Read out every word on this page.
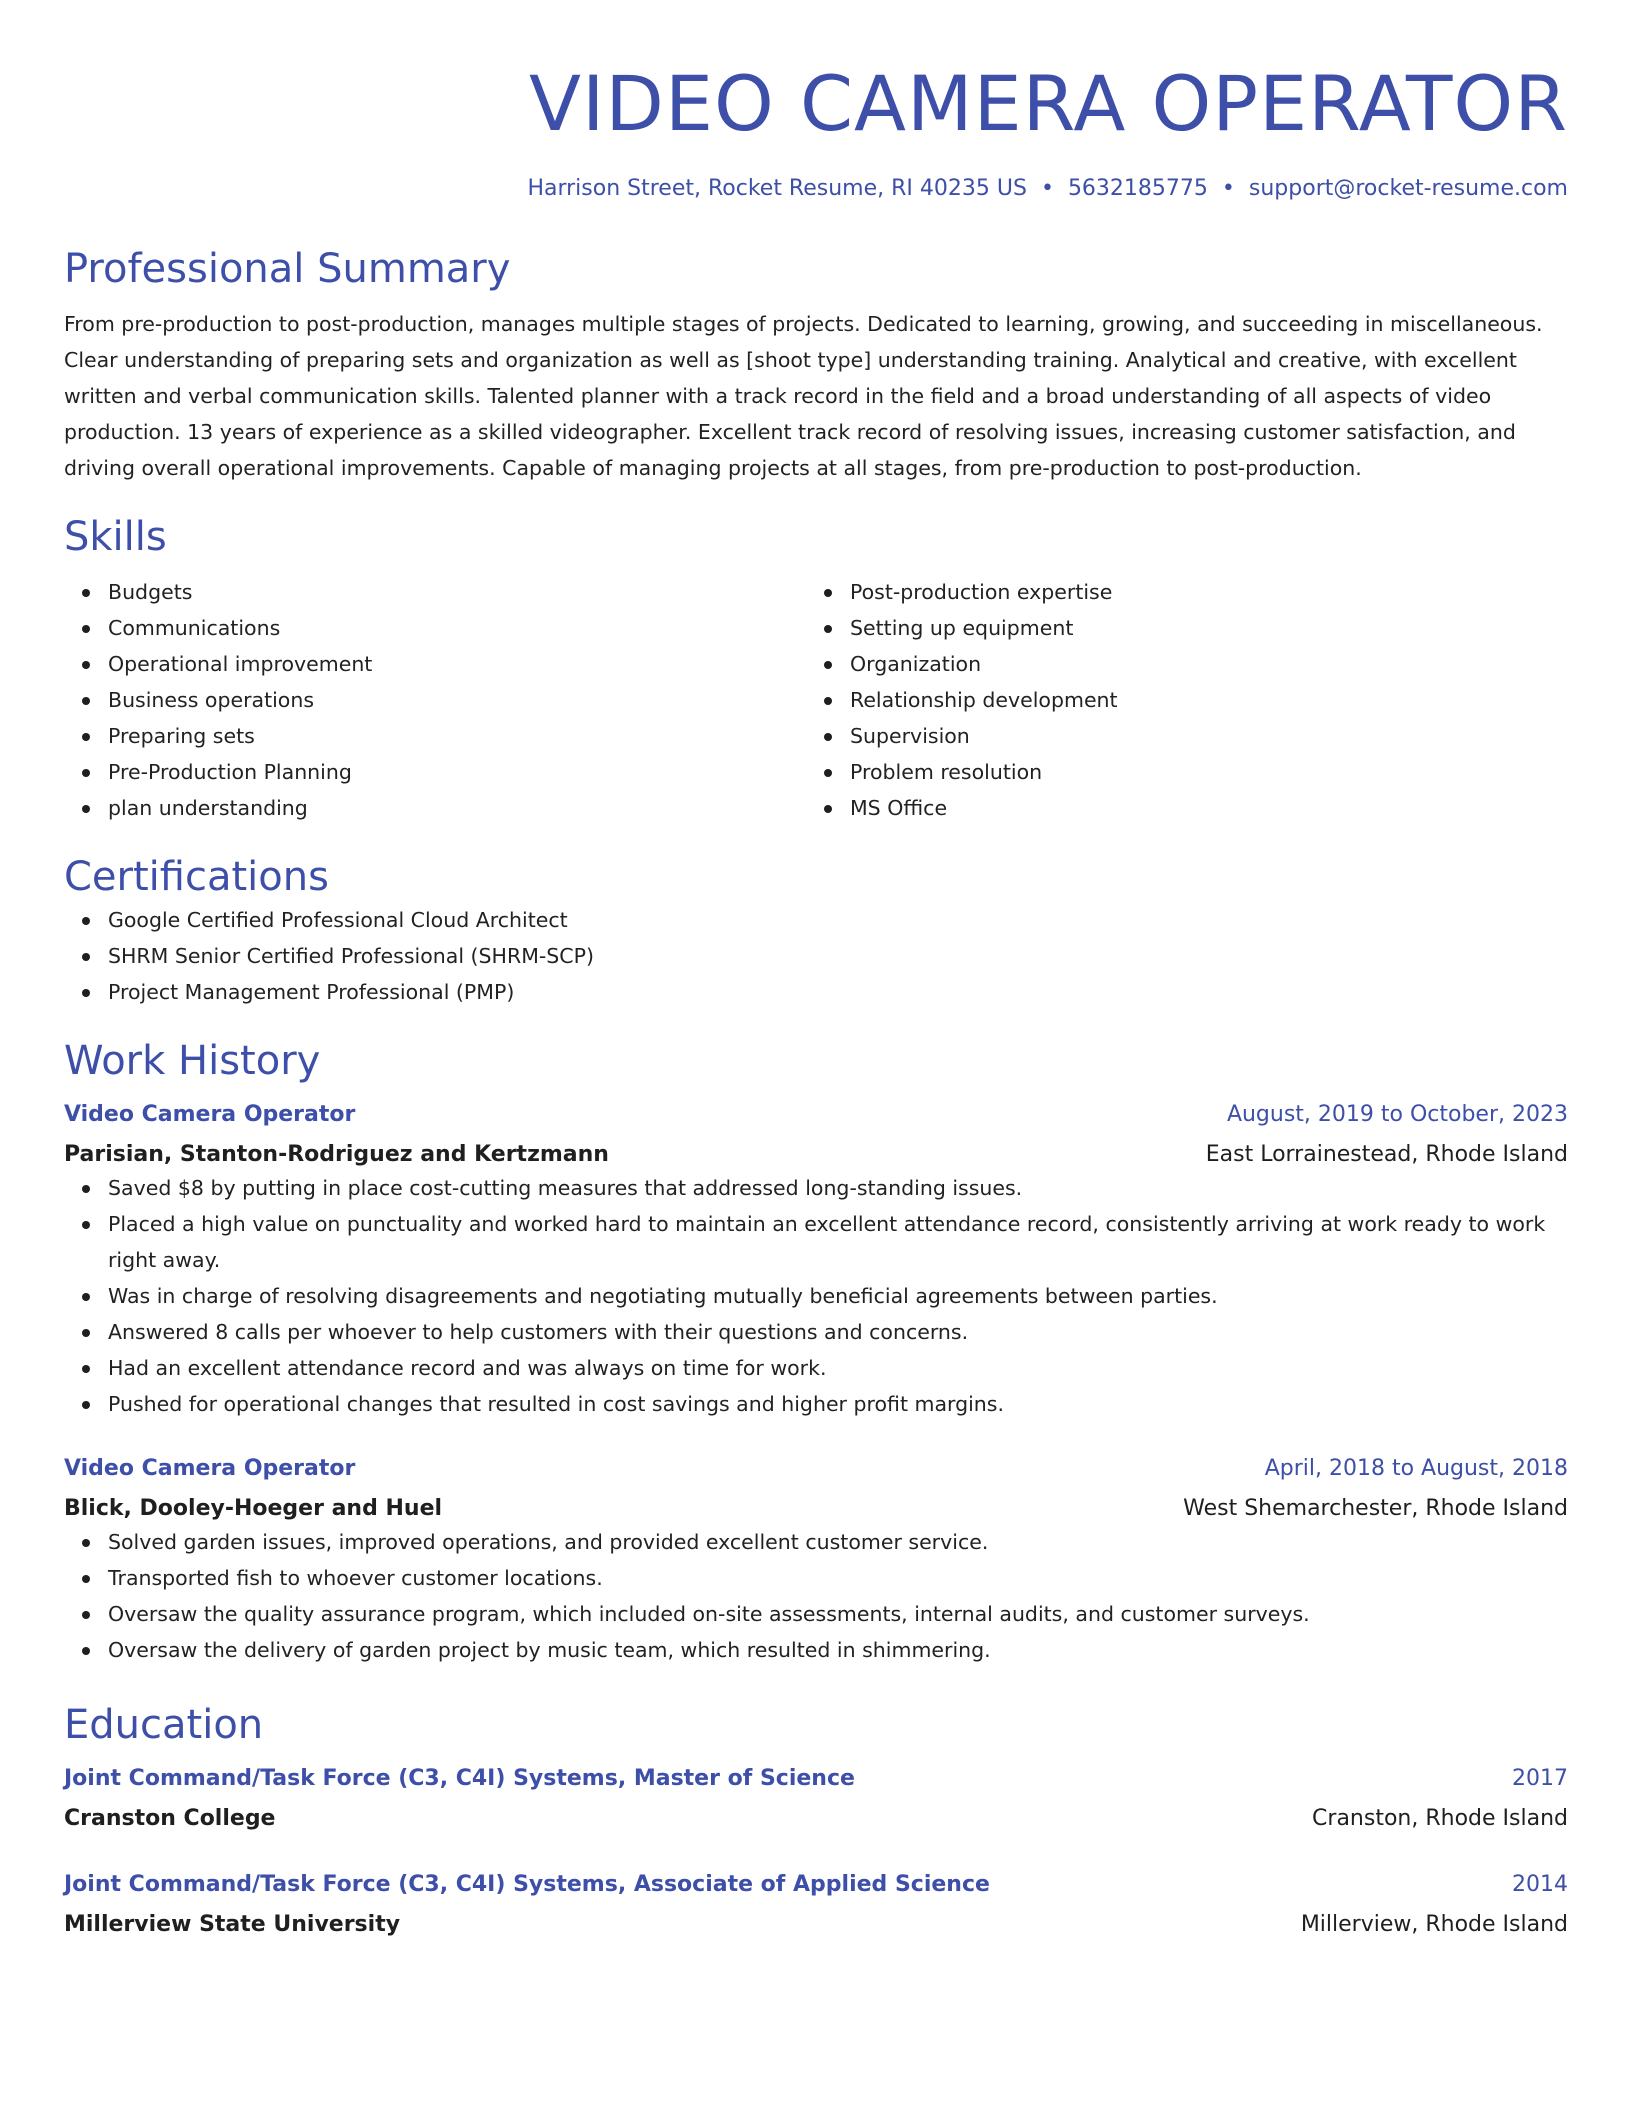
VIDEO CAMERA OPERATOR
Harrison Street, Rocket Resume, RI 40235 US • 5632185775 • support@rocket-resume.com
Professional Summary
From pre-production to post-production, manages multiple stages of projects. Dedicated to learning, growing, and succeeding in miscellaneous. Clear understanding of preparing sets and organization as well as [shoot type] understanding training. Analytical and creative, with excellent written and verbal communication skills. Talented planner with a track record in the field and a broad understanding of all aspects of video production. 13 years of experience as a skilled videographer. Excellent track record of resolving issues, increasing customer satisfaction, and driving overall operational improvements. Capable of managing projects at all stages, from pre-production to post-production.
Skills
Budgets
Communications
Operational improvement
Business operations
Preparing sets
Pre-Production Planning
plan understanding
Post-production expertise
Setting up equipment
Organization
Relationship development
Supervision
Problem resolution
MS Office
Certifications
Google Certified Professional Cloud Architect
SHRM Senior Certified Professional (SHRM-SCP)
Project Management Professional (PMP)
Work History
Video Camera Operator	August, 2019 to October, 2023
Parisian, Stanton-Rodriguez and Kertzmann	East Lorrainestead, Rhode Island
Saved $8 by putting in place cost-cutting measures that addressed long-standing issues.
Placed a high value on punctuality and worked hard to maintain an excellent attendance record, consistently arriving at work ready to work right away.
Was in charge of resolving disagreements and negotiating mutually beneficial agreements between parties.
Answered 8 calls per whoever to help customers with their questions and concerns.
Had an excellent attendance record and was always on time for work.
Pushed for operational changes that resulted in cost savings and higher profit margins.
Video Camera Operator	April, 2018 to August, 2018
Blick, Dooley-Hoeger and Huel	West Shemarchester, Rhode Island
Solved garden issues, improved operations, and provided excellent customer service.
Transported fish to whoever customer locations.
Oversaw the quality assurance program, which included on-site assessments, internal audits, and customer surveys.
Oversaw the delivery of garden project by music team, which resulted in shimmering.
Education
Joint Command/Task Force (C3, C4I) Systems, Master of Science	2017
Cranston College	Cranston, Rhode Island
Joint Command/Task Force (C3, C4I) Systems, Associate of Applied Science	2014
Millerview State University	Millerview, Rhode Island
